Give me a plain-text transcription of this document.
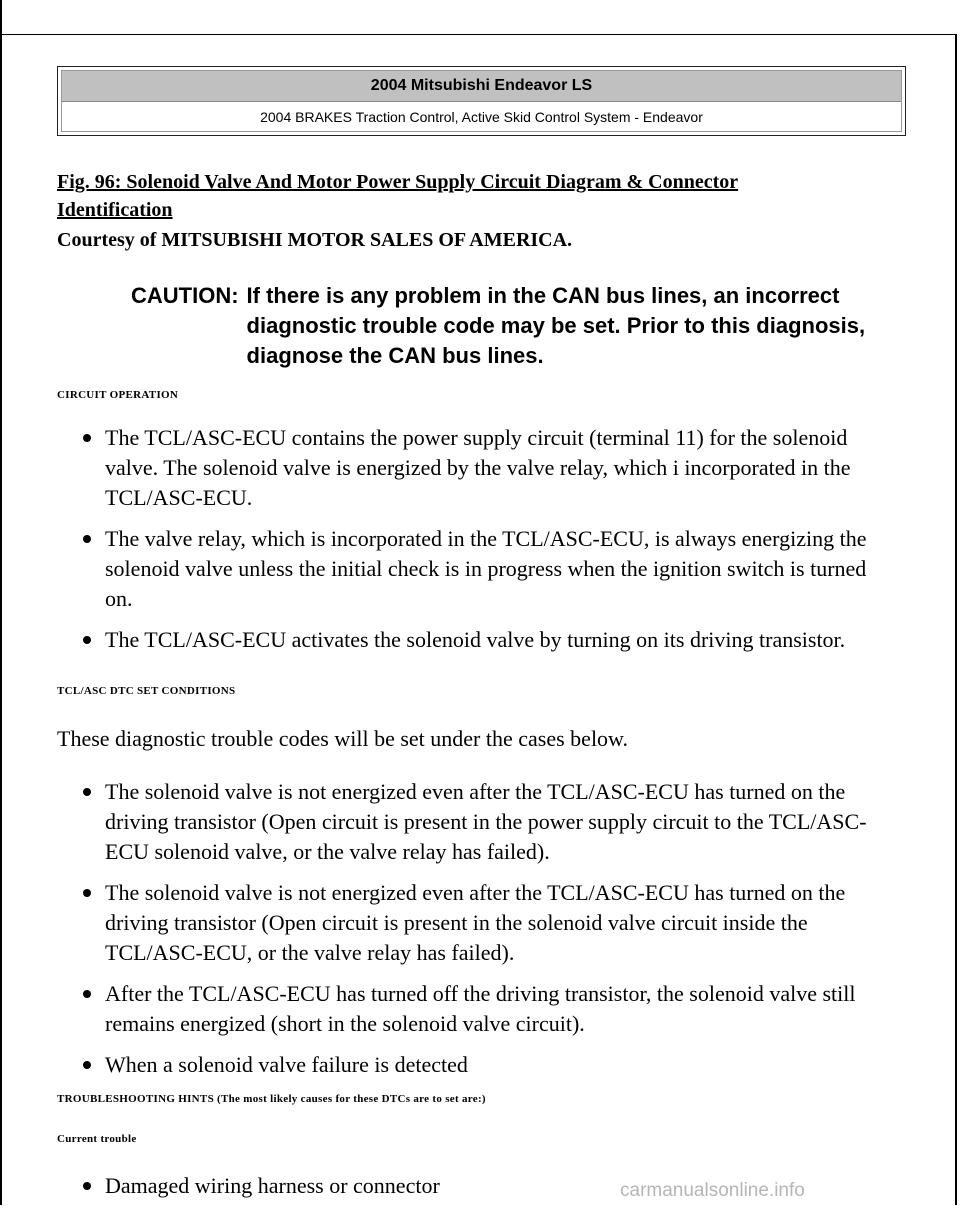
2004 Mitsubishi Endeavor LS
2004 BRAKES Traction Control, Active Skid Control System - Endeavor
Fig. 96: Solenoid Valve And Motor Power Supply Circuit Diagram & Connector Identification
Courtesy of MITSUBISHI MOTOR SALES OF AMERICA.
CAUTION: If there is any problem in the CAN bus lines, an incorrect diagnostic trouble code may be set. Prior to this diagnosis, diagnose the CAN bus lines.
CIRCUIT OPERATION
The TCL/ASC-ECU contains the power supply circuit (terminal 11) for the solenoid valve. The solenoid valve is energized by the valve relay, which i incorporated in the TCL/ASC-ECU.
The valve relay, which is incorporated in the TCL/ASC-ECU, is always energizing the solenoid valve unless the initial check is in progress when the ignition switch is turned on.
The TCL/ASC-ECU activates the solenoid valve by turning on its driving transistor.
TCL/ASC DTC SET CONDITIONS
These diagnostic trouble codes will be set under the cases below.
The solenoid valve is not energized even after the TCL/ASC-ECU has turned on the driving transistor (Open circuit is present in the power supply circuit to the TCL/ASC-ECU solenoid valve, or the valve relay has failed).
The solenoid valve is not energized even after the TCL/ASC-ECU has turned on the driving transistor (Open circuit is present in the solenoid valve circuit inside the TCL/ASC-ECU, or the valve relay has failed).
After the TCL/ASC-ECU has turned off the driving transistor, the solenoid valve still remains energized (short in the solenoid valve circuit).
When a solenoid valve failure is detected
TROUBLESHOOTING HINTS (The most likely causes for these DTCs are to set are:)
Current trouble
Damaged wiring harness or connector	carmanualsonline.info
